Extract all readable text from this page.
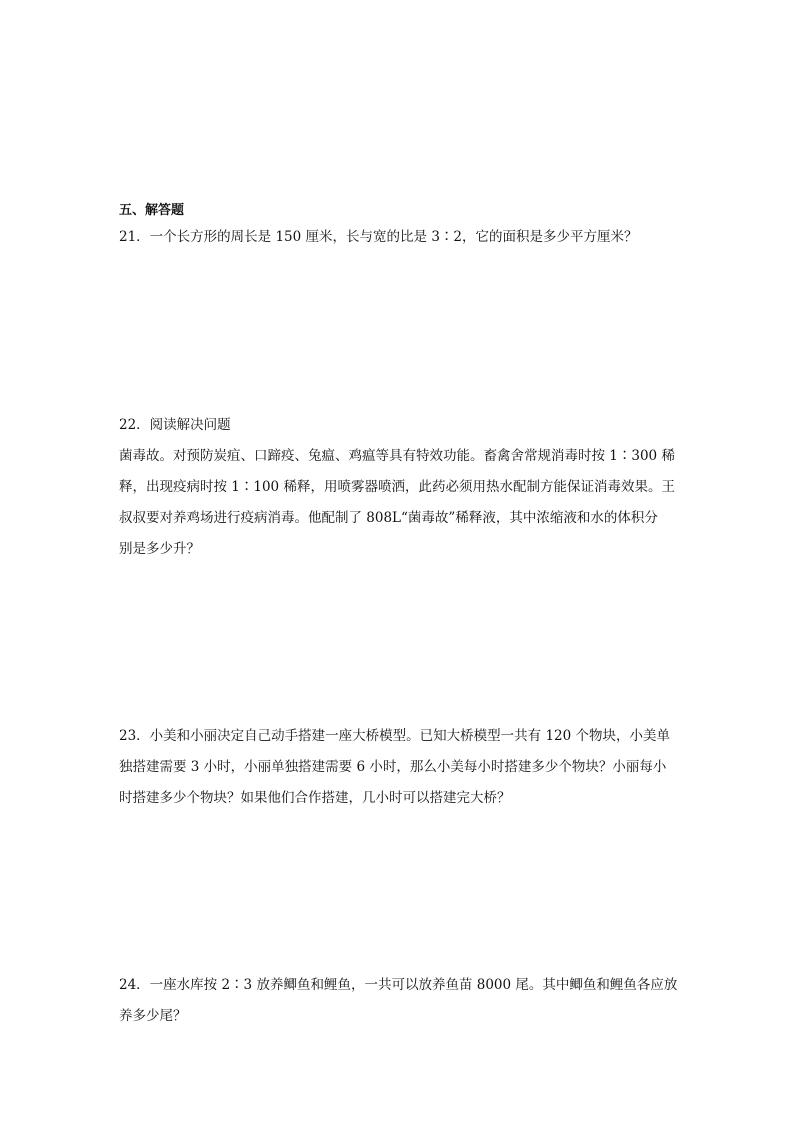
五、解答题
21．一个长方形的周长是 150 厘米，长与宽的比是 3∶2，它的面积是多少平方厘米？
22．阅读解决问题
菌毒故。对预防炭疽、口蹄疫、兔瘟、鸡瘟等具有特效功能。畜禽舍常规消毒时按 1∶300 稀
释，出现疫病时按 1∶100 稀释，用喷雾器喷洒，此药必须用热水配制方能保证消毒效果。王
叔叔要对养鸡场进行疫病消毒。他配制了 808L“菌毒故”稀释液，其中浓缩液和水的体积分
别是多少升？
23．小美和小丽决定自己动手搭建一座大桥模型。已知大桥模型一共有 120 个物块，小美单
独搭建需要 3 小时，小丽单独搭建需要 6 小时，那么小美每小时搭建多少个物块？小丽每小
时搭建多少个物块？如果他们合作搭建，几小时可以搭建完大桥？
24．一座水库按 2∶3 放养鲫鱼和鲤鱼，一共可以放养鱼苗 8000 尾。其中鲫鱼和鲤鱼各应放
养多少尾？
